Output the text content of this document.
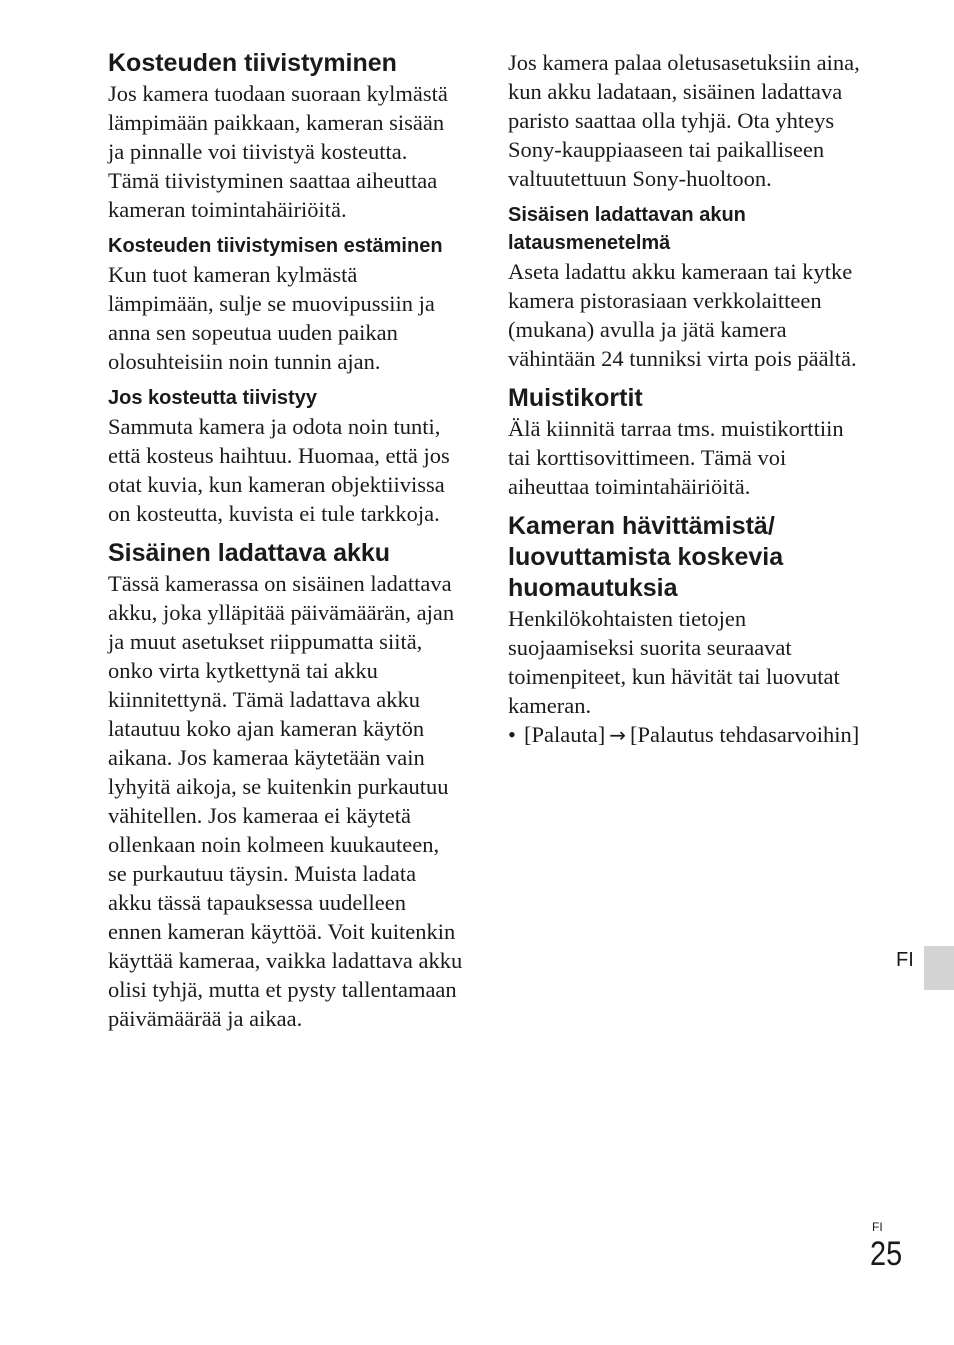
Kosteuden tiivistyminen

Jos kamera tuodaan suoraan kylmästä lämpimään paikkaan, kameran sisään ja pinnalle voi tiivistyä kosteutta. Tämä tiivistyminen saattaa aiheuttaa kameran toimintahäiriöitä.

Kosteuden tiivistymisen estäminen

Kun tuot kameran kylmästä lämpimään, sulje se muovipussiin ja anna sen sopeutua uuden paikan olosuhteisiin noin tunnin ajan.

Jos kosteutta tiivistyy

Sammuta kamera ja odota noin tunti, että kosteus haihtuu. Huomaa, että jos otat kuvia, kun kameran objektiivissa on kosteutta, kuvista ei tule tarkkoja.

Sisäinen ladattava akku

Tässä kamerassa on sisäinen ladattava akku, joka ylläpitää päivämäärän, ajan ja muut asetukset riippumatta siitä, onko virta kytkettynä tai akku kiinnitettynä. Tämä ladattava akku latautuu koko ajan kameran käytön aikana. Jos kameraa käytetään vain lyhyitä aikoja, se kuitenkin purkautuu vähitellen. Jos kameraa ei käytetä ollenkaan noin kolmeen kuukauteen, se purkautuu täysin. Muista ladata akku tässä tapauksessa uudelleen ennen kameran käyttöä. Voit kuitenkin käyttää kameraa, vaikka ladattava akku olisi tyhjä, mutta et pysty tallentamaan päivämäärää ja aikaa.

Jos kamera palaa oletusasetuksiin aina, kun akku ladataan, sisäinen ladattava paristo saattaa olla tyhjä. Ota yhteys Sony-kauppiaaseen tai paikalliseen valtuutettuun Sony-huoltoon.

Sisäisen ladattavan akun latausmenetelmä

Aseta ladattu akku kameraan tai kytke kamera pistorasiaan verkkolaitteen (mukana) avulla ja jätä kamera vähintään 24 tunniksi virta pois päältä.

Muistikortit

Älä kiinnitä tarraa tms. muistikorttiin tai korttisovittimeen. Tämä voi aiheuttaa toimintahäiriöitä.

Kameran hävittämistä/ luovuttamista koskevia huomautuksia

Henkilökohtaisten tietojen suojaamiseksi suorita seuraavat toimenpiteet, kun hävität tai luovutat kameran.

• [Palauta] → [Palautus tehdasarvoihin]
FI
FI
25
